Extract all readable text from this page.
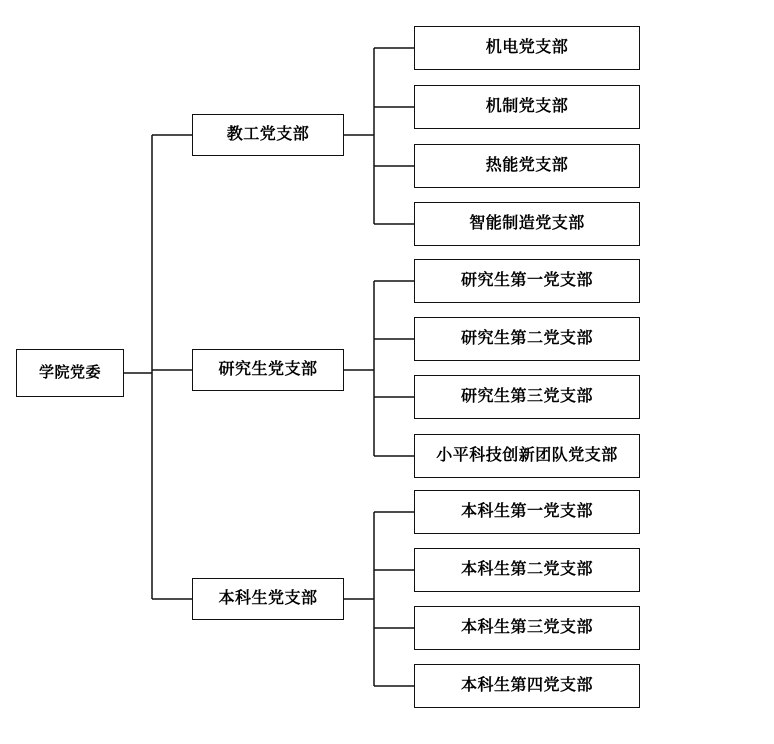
学院党委
教工党支部
机电党支部
机制党支部
热能党支部
智能制造党支部
研究生党支部
研究生第一党支部
研究生第二党支部
研究生第三党支部
小平科技创新团队党支部
本科生党支部
本科生第一党支部
本科生第二党支部
本科生第三党支部
本科生第四党支部
